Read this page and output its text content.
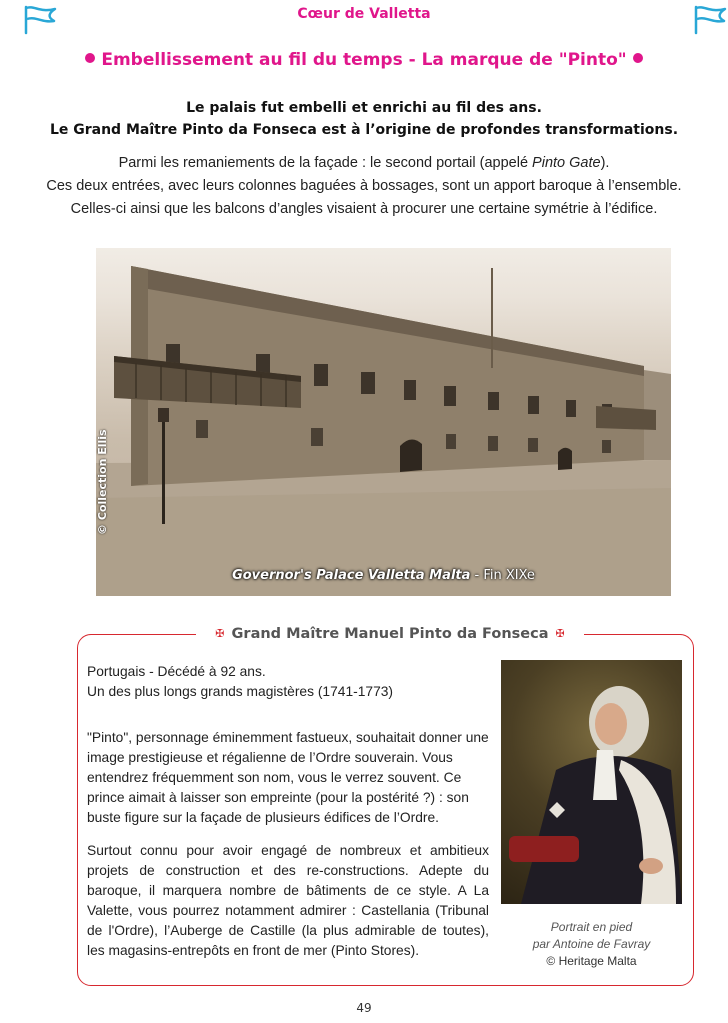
Cœur de Valletta
Embellissement au fil du temps - La marque de "Pinto"
Le palais fut embelli et enrichi au fil des ans.
Le Grand Maître Pinto da Fonseca est à l’origine de profondes transformations.

Parmi les remaniements de la façade : le second portail (appelé Pinto Gate).

Ces deux entrées, avec leurs colonnes baguées à bossages, sont un apport baroque à l’ensemble.

Celles-ci ainsi que les balcons d’angles visaient à procurer une certaine symétrie à l’édifice.

© Collection Ellis
Governor's Palace Valletta Malta - Fin XIXe
✠ Grand Maître Manuel Pinto da Fonseca ✠

Portugais - Décédé à 92 ans.
Un des plus longs grands magistères (1741-1773)

"Pinto", personnage éminemment fastueux, souhaitait donner une image prestigieuse et régalienne de l’Ordre souverain. Vous entendrez fréquemment son nom, vous le verrez souvent. Ce prince aimait à laisser son empreinte (pour la postérité ?) : son buste figure sur la façade de plusieurs édifices de l’Ordre.

Surtout connu pour avoir engagé de nombreux et ambitieux projets de construction et des re-constructions. Adepte du baroque, il marquera nombre de bâtiments de ce style. A La Valette, vous pourrez notamment admirer : Castellania (Tribunal de l'Ordre), l’Auberge de Castille (la plus admirable de toutes), les magasins-entrepôts en front de mer (Pinto Stores).

Portrait en pied
par Antoine de Favray
© Heritage Malta
49
